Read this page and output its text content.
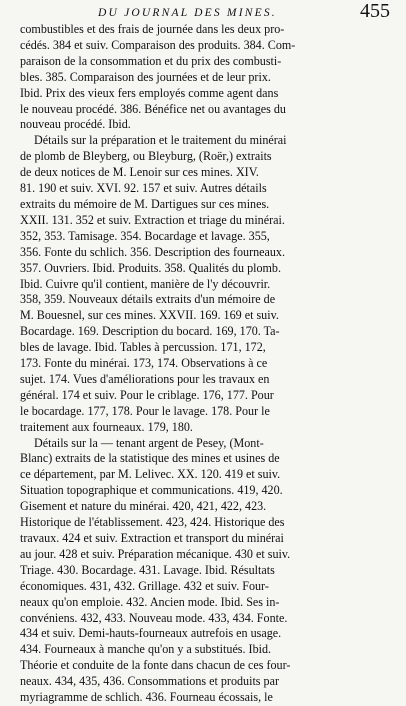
DU JOURNAL DES MINES.	455
combustibles et des frais de journée dans les deux pro-
cédés. 384 et suiv. Comparaison des produits. 384. Com-
paraison de la consommation et du prix des combusti-
bles. 385. Comparaison des journées et de leur prix.
Ibid. Prix des vieux fers employés comme agent dans
le nouveau procédé. 386. Bénéfice net ou avantages du
nouveau procédé. Ibid.
Détails sur la préparation et le traitement du minérai
de plomb de Bleyberg, ou Bleyburg, (Roër,) extraits
de deux notices de M. Lenoir sur ces mines. XIV.
81. 190 et suiv. XVI. 92. 157 et suiv. Autres détails
extraits du mémoire de M. Dartigues sur ces mines.
XXII. 131. 352 et suiv. Extraction et triage du minérai.
352, 353. Tamisage. 354. Bocardage et lavage. 355,
356. Fonte du schlich. 356. Description des fourneaux.
357. Ouvriers. Ibid. Produits. 358. Qualités du plomb.
Ibid. Cuivre qu'il contient, manière de l'y découvrir.
358, 359. Nouveaux détails extraits d'un mémoire de
M. Bouesnel, sur ces mines. XXVII. 169. 169 et suiv.
Bocardage. 169. Description du bocard. 169, 170. Ta-
bles de lavage. Ibid. Tables à percussion. 171, 172,
173. Fonte du minérai. 173, 174. Observations à ce
sujet. 174. Vues d'améliorations pour les travaux en
général. 174 et suiv. Pour le criblage. 176, 177. Pour
le bocardage. 177, 178. Pour le lavage. 178. Pour le
traitement aux fourneaux. 179, 180.
Détails sur la — tenant argent de Pesey, (Mont-
Blanc) extraits de la statistique des mines et usines de
ce département, par M. Lelivec. XX. 120. 419 et suiv.
Situation topographique et communications. 419, 420.
Gisement et nature du minérai. 420, 421, 422, 423.
Historique de l'établissement. 423, 424. Historique des
travaux. 424 et suiv. Extraction et transport du minérai
au jour. 428 et suiv. Préparation mécanique. 430 et suiv.
Triage. 430. Bocardage. 431. Lavage. Ibid. Résultats
économiques. 431, 432. Grillage. 432 et suiv. Four-
neaux qu'on emploie. 432. Ancien mode. Ibid. Ses in-
convéniens. 432, 433. Nouveau mode. 433, 434. Fonte.
434 et suiv. Demi-hauts-fourneaux autrefois en usage.
434. Fourneaux à manche qu'on y a substitués. Ibid.
Théorie et conduite de la fonte dans chacun de ces four-
neaux. 434, 435, 436. Consommations et produits par
myriagramme de schlich. 436. Fourneau écossais, le
